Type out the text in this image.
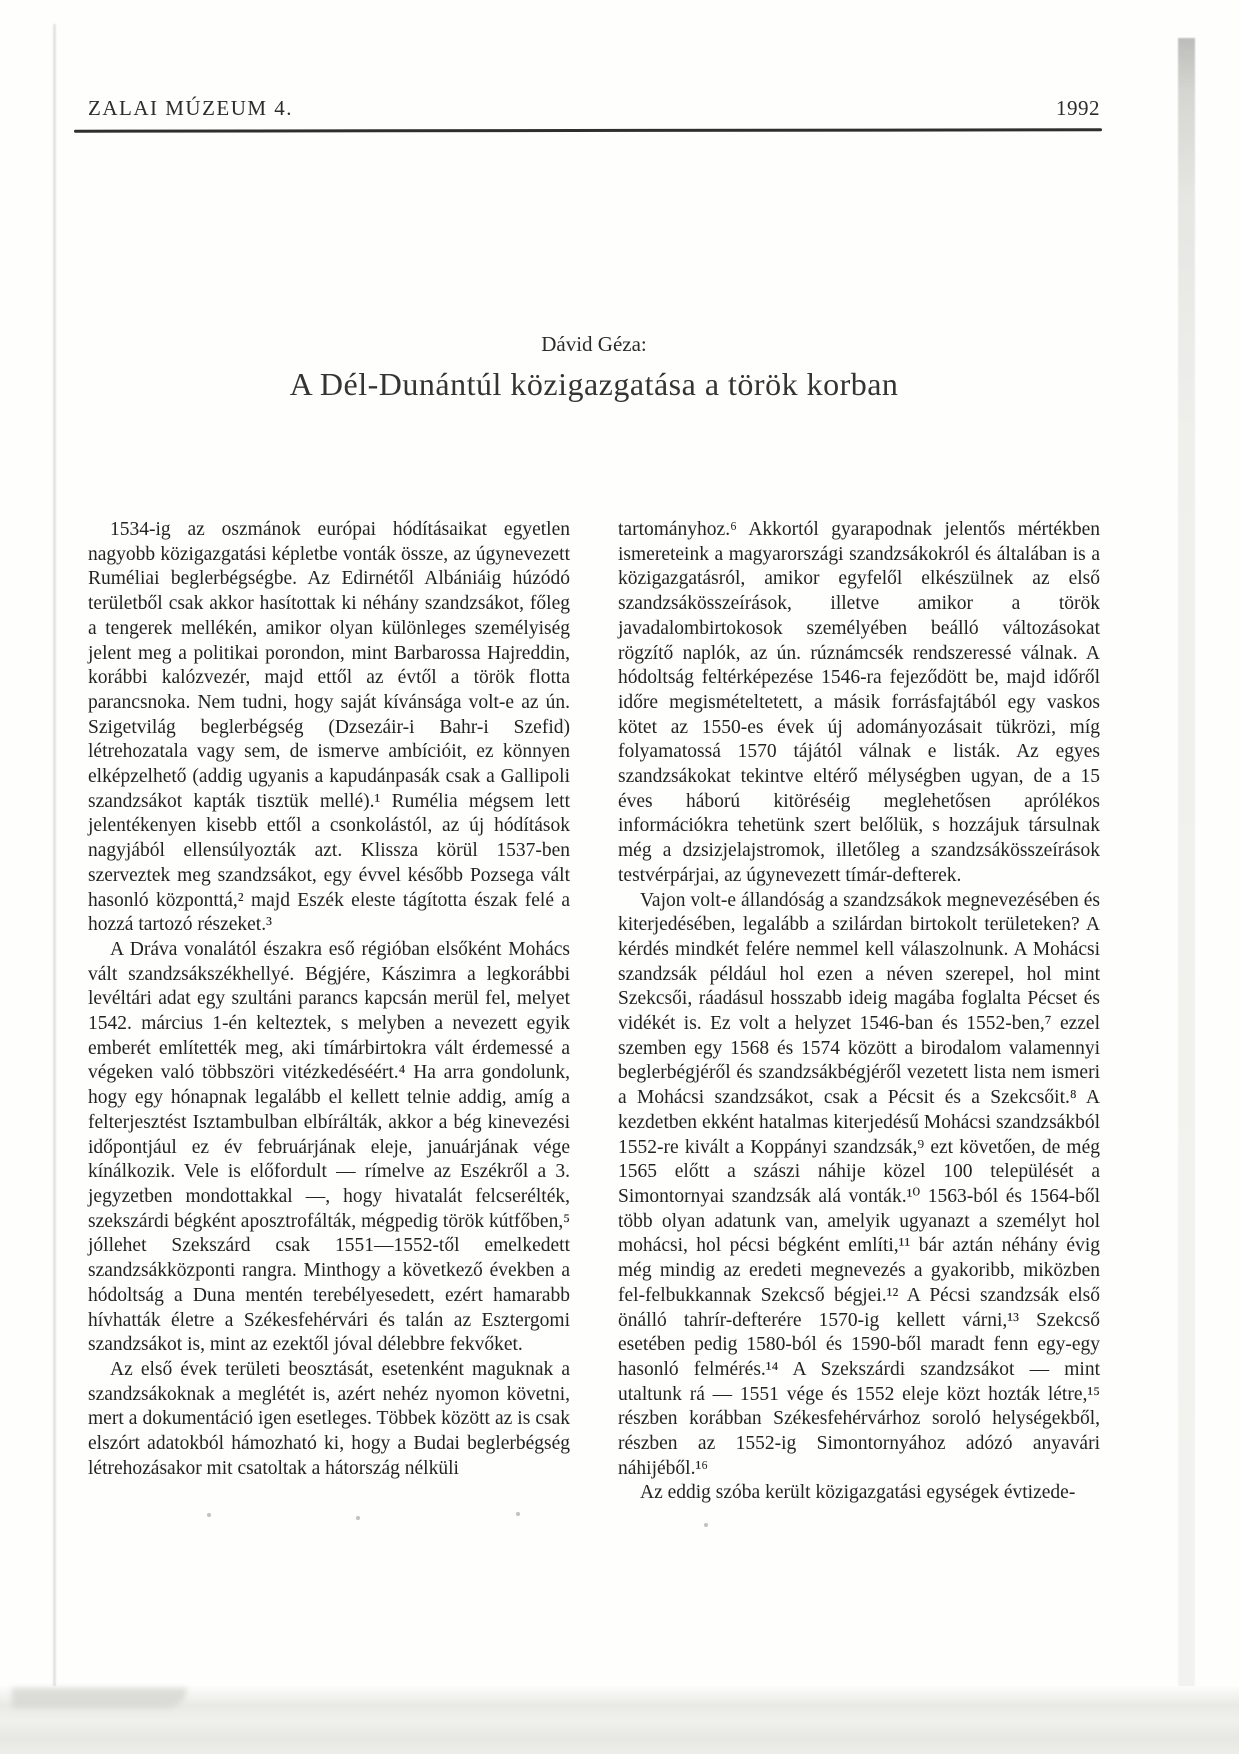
ZALAI MÚZEUM 4.	1992
Dávid Géza:
A Dél-Dunántúl közigazgatása a török korban

1534-ig az oszmánok európai hódításaikat egyetlen nagyobb közigazgatási képletbe vonták össze, az úgynevezett Ruméliai beglerbégségbe. Az Edirnétől Albániáig húzódó területből csak akkor hasítottak ki néhány szandzsákot, főleg a tengerek mellékén, amikor olyan különleges személyiség jelent meg a politikai porondon, mint Barbarossa Hajreddin, korábbi kalózvezér, majd ettől az évtől a török flotta parancsnoka. Nem tudni, hogy saját kívánsága volt-e az ún. Szigetvilág beglerbégség (Dzsezáir-i Bahr-i Szefid) létrehozatala vagy sem, de ismerve ambícióit, ez könnyen elképzelhető (addig ugyanis a kapudánpasák csak a Gallipoli szandzsákot kapták tisztük mellé).¹ Rumélia mégsem lett jelentékenyen kisebb ettől a csonkolástól, az új hódítások nagyjából ellensúlyozták azt. Klissza körül 1537-ben szerveztek meg szandzsákot, egy évvel később Pozsega vált hasonló központtá,² majd Eszék eleste tágította észak felé a hozzá tartozó részeket.³

A Dráva vonalától északra eső régióban elsőként Mohács vált szandzsákszékhellyé. Bégjére, Kászimra a legkorábbi levéltári adat egy szultáni parancs kapcsán merül fel, melyet 1542. március 1-én kelteztek, s melyben a nevezett egyik emberét említették meg, aki tímárbirtokra vált érdemessé a végeken való többszöri vitézkedéséért.⁴ Ha arra gondolunk, hogy egy hónapnak legalább el kellett telnie addig, amíg a felterjesztést Isztambulban elbírálták, akkor a bég kinevezési időpontjául ez év februárjának eleje, januárjának vége kínálkozik. Vele is előfordult — rímelve az Eszékről a 3. jegyzetben mondottakkal —, hogy hivatalát felcserélték, szekszárdi bégként aposztrofálták, mégpedig török kútfőben,⁵ jóllehet Szekszárd csak 1551—1552-től emelkedett szandzsákközponti rangra. Minthogy a következő években a hódoltság a Duna mentén terebélyesedett, ezért hamarabb hívhatták életre a Székesfehérvári és talán az Esztergomi szandzsákot is, mint az ezektől jóval délebbre fekvőket.

Az első évek területi beosztását, esetenként maguknak a szandzsákoknak a meglétét is, azért nehéz nyomon követni, mert a dokumentáció igen esetleges. Többek között az is csak elszórt adatokból hámozható ki, hogy a Budai beglerbégség létrehozásakor mit csatoltak a hátország nélküli

tartományhoz.⁶ Akkortól gyarapodnak jelentős mértékben ismereteink a magyarországi szandzsákokról és általában is a közigazgatásról, amikor egyfelől elkészülnek az első szandzsákösszeírások, illetve amikor a török javadalombirtokosok személyében beálló változásokat rögzítő naplók, az ún. rúznámcsék rendszeressé válnak. A hódoltság feltérképezése 1546-ra fejeződött be, majd időről időre megismételtetett, a másik forrásfajtából egy vaskos kötet az 1550-es évek új adományozásait tükrözi, míg folyamatossá 1570 tájától válnak e listák. Az egyes szandzsákokat tekintve eltérő mélységben ugyan, de a 15 éves háború kitöréséig meglehetősen aprólékos információkra tehetünk szert belőlük, s hozzájuk társulnak még a dzsizjelajstromok, illetőleg a szandzsákösszeírások testvérpárjai, az úgynevezett tímár-defterek.

Vajon volt-e állandóság a szandzsákok megnevezésében és kiterjedésében, legalább a szilárdan birtokolt területeken? A kérdés mindkét felére nemmel kell válaszolnunk. A Mohácsi szandzsák például hol ezen a néven szerepel, hol mint Szekcsői, ráadásul hosszabb ideig magába foglalta Pécset és vidékét is. Ez volt a helyzet 1546-ban és 1552-ben,⁷ ezzel szemben egy 1568 és 1574 között a birodalom valamennyi beglerbégjéről és szandzsákbégjéről vezetett lista nem ismeri a Mohácsi szandzsákot, csak a Pécsit és a Szekcsőit.⁸ A kezdetben ekként hatalmas kiterjedésű Mohácsi szandzsákból 1552-re kivált a Koppányi szandzsák,⁹ ezt követően, de még 1565 előtt a szászi náhije közel 100 települését a Simontornyai szandzsák alá vonták.¹⁰ 1563-ból és 1564-ből több olyan adatunk van, amelyik ugyanazt a személyt hol mohácsi, hol pécsi bégként említi,¹¹ bár aztán néhány évig még mindig az eredeti megnevezés a gyakoribb, miközben fel-felbukkannak Szekcső bégjei.¹² A Pécsi szandzsák első önálló tahrír-defterére 1570-ig kellett várni,¹³ Szekcső esetében pedig 1580-ból és 1590-ből maradt fenn egy-egy hasonló felmérés.¹⁴ A Szekszárdi szandzsákot — mint utaltunk rá — 1551 vége és 1552 eleje közt hozták létre,¹⁵ részben korábban Székesfehérvárhoz soroló helységekből, részben az 1552-ig Simontornyához adózó anyavári náhijéből.¹⁶

Az eddig szóba került közigazgatási egységek évtizede-
